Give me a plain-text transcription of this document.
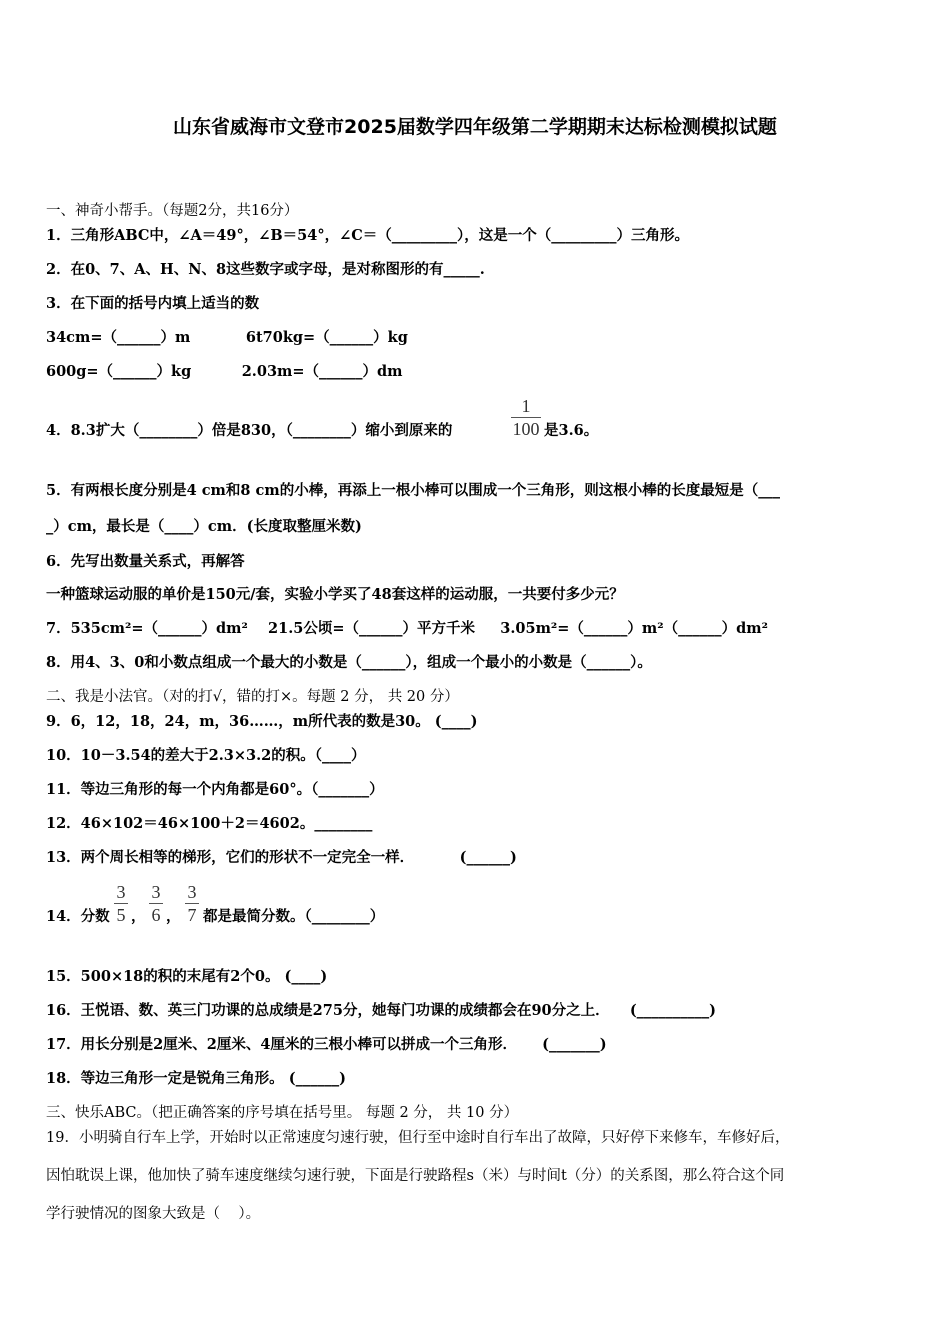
山东省威海市文登市2025届数学四年级第二学期期末达标检测模拟试题
一、神奇小帮手。（每题2分，共16分）
1．三角形ABC中，∠A＝49°，∠B＝54°，∠C＝（_________），这是一个（_________）三角形。
2．在0、7、A、H、N、8这些数字或字母，是对称图形的有_____.
3．在下面的括号内填上适当的数
34cm=（______）m           6t70kg=（______）kg
600g=（______）kg          2.03m=（______）dm
4．8.3扩大（________）倍是830，（________）缩小到原来的
1
100 是3.6。
5．有两根长度分别是4 cm和8 cm的小棒，再添上一根小棒可以围成一个三角形，则这根小棒的长度最短是（___
_）cm，最长是（____）cm．(长度取整厘米数)
6．先写出数量关系式，再解答
一种篮球运动服的单价是150元/套，实验小学买了48套这样的运动服，一共要付多少元？
7．535cm²=（______）dm²    21.5公顷=（______）平方千米     3.05m²=（______）m²（______）dm²
8．用4、3、0和小数点组成一个最大的小数是（______），组成一个最小的小数是（______）。
二、我是小法官。（对的打√，错的打×。每题 2 分， 共 20 分）
9．6，12，18，24，m，36……，m所代表的数是30。 (____)
10．10－3.54的差大于2.3×3.2的积。（____）
11．等边三角形的每一个内角都是60°。（_______）
12．46×102＝46×100＋2＝4602。________
13．两个周长相等的梯形，它们的形状不一定完全一样．         (______)
14．分数
3
5 ，
3
6 ，
3
7 都是最简分数。（________）
15．500×18的积的末尾有2个0。 (____)
16．王悦语、数、英三门功课的总成绩是275分，她每门功课的成绩都会在90分之上．    (__________)
17．用长分别是2厘米、2厘米、4厘米的三根小棒可以拼成一个三角形．     (_______)
18．等边三角形一定是锐角三角形。 (______)
三、快乐ABC。（把正确答案的序号填在括号里。 每题 2 分， 共 10 分）
19．小明骑自行车上学，开始时以正常速度匀速行驶，但行至中途时自行车出了故障，只好停下来修车，车修好后，
因怕耽误上课，他加快了骑车速度继续匀速行驶，下面是行驶路程s（米）与时间t（分）的关系图，那么符合这个同
学行驶情况的图象大致是（    ）。
